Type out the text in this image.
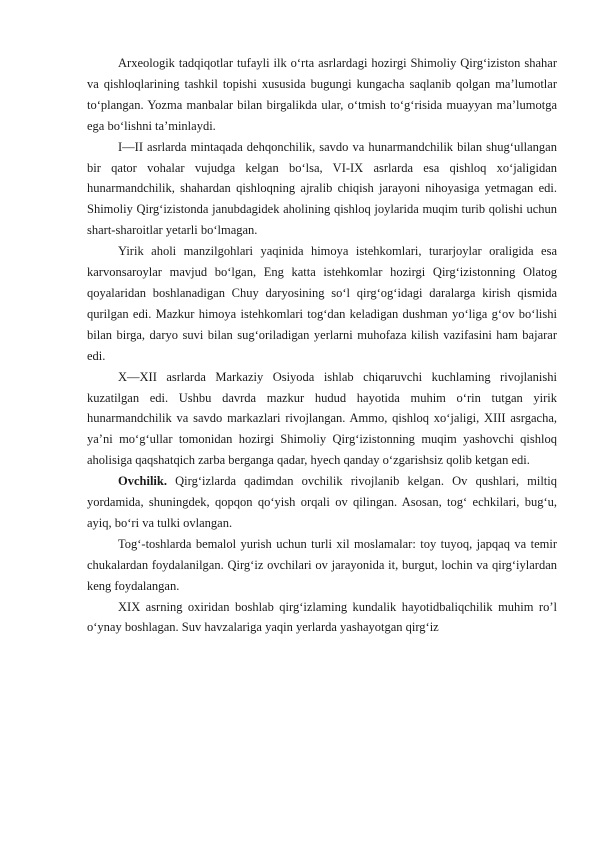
Arxeologik tadqiqotlar tufayli ilk o‘rta asrlardagi hozirgi Shimoliy Qirg‘iziston shahar va qishloqlarining tashkil topishi xususida bugungi kungacha saqlanib qolgan ma’lumotlar to‘plangan. Yozma manbalar bilan birgalikda ular, o‘tmish to‘g‘risida muayyan ma’lumotga ega bo‘lishni ta’minlaydi.

I—II asrlarda mintaqada dehqonchilik, savdo va hunarmandchilik bilan shug‘ullangan bir qator vohalar vujudga kelgan bo‘lsa, VI-IX asrlarda esa qishloq xo‘jaligidan hunarmandchilik, shahardan qishloqning ajralib chiqish jarayoni nihoyasiga yetmagan edi. Shimoliy Qirg‘izistonda janubdagidek aholining qishloq joylarida muqim turib qolishi uchun shart-sharoitlar yetarli bo‘lmagan.

Yirik aholi manzilgohlari yaqinida himoya istehkomlari, turarjoylar oraligida esa karvonsaroylar mavjud bo‘lgan, Eng katta istehkomlar hozirgi Qirg‘izistonning Olatog qoyalaridan boshlanadigan Chuy daryosining so‘l qirg‘og‘idagi daralarga kirish qismida qurilgan edi. Mazkur himoya istehkomlari tog‘dan keladigan dushman yo‘liga g‘ov bo‘lishi bilan birga, daryo suvi bilan sug‘oriladigan yerlarni muhofaza kilish vazifasini ham bajarar edi.

X—XII asrlarda Markaziy Osiyoda ishlab chiqaruvchi kuchlaming rivojlanishi kuzatilgan edi. Ushbu davrda mazkur hudud hayotida muhim o‘rin tutgan yirik hunarmandchilik va savdo markazlari rivojlangan. Ammo, qishloq xo‘jaligi, XIII asrgacha, ya’ni mo‘g‘ullar tomonidan hozirgi Shimoliy Qirg‘izistonning muqim yashovchi qishloq aholisiga qaqshatqich zarba berganga qadar, hyech qanday o‘zgarishsiz qolib ketgan edi.

Ovchilik. Qirg‘izlarda qadimdan ovchilik rivojlanib kelgan. Ov qushlari, miltiq yordamida, shuningdek, qopqon qo‘yish orqali ov qilingan. Asosan, tog‘ echkilari, bug‘u, ayiq, bo‘ri va tulki ovlangan.

Tog‘-toshlarda bemalol yurish uchun turli xil moslamalar: toy tuyoq, japqaq va temir chukalardan foydalanilgan. Qirg‘iz ovchilari ov jarayonida it, burgut, lochin va qirg‘iylardan keng foydalangan.

XIX asrning oxiridan boshlab qirg‘izlaming kundalik hayotidbaliqchilik muhim ro’l o‘ynay boshlagan. Suv havzalariga yaqin yerlarda yashayotgan qirg‘iz
